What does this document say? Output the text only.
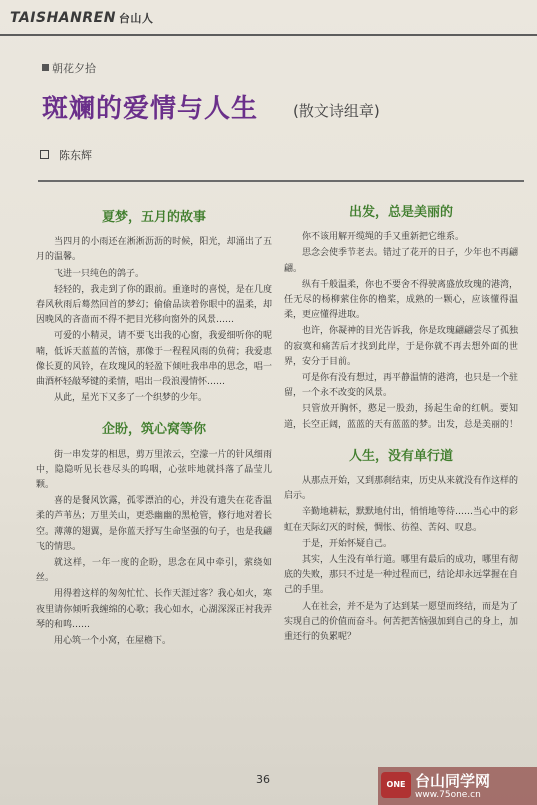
TAISHANREN 台山人
朝花夕拾
斑斓的爱情与人生 (散文诗组章)
陈东辉
夏梦，五月的故事

当四月的小雨还在淅淅沥沥的时候，阳光，却涌出了五月的温馨。

飞进一只纯色的鸽子。

轻轻的，我走到了你的跟前。重逢时的喜悦，是在几度春风秋雨后蓦然回首的梦幻；偷偷品读着你眼中的温柔，却因晚风的吝啬而不得不把目光移向窗外的风景……

可爱的小精灵，请不要飞出我的心窗，我爱细听你的呢喃，低诉天蓝蓝的苦恼，那像于一程程风雨的负荷；我爱恵像长夏的风铃，在玫瑰风的轻盈下倾吐我串串的思念，唱一曲酒杯轻敲琴键的柔情，唱出一段浪漫情怀……

从此，星光下又多了一个织梦的少年。

企盼，筑心窝等你

街一串发芽的相思，剪万里浓云，空濛一片的针风细雨中，隐隐听见长巷尽头的呜咽，心弦咔地就抖落了晶莹儿颗。

喜的是餐风饮露，孤零漂泊的心，并没有遗失在花香温柔的芦苇丛；万里关山，更恐幽幽的黑枪管，修行地对着长空。薄薄的翅翼，是你蓝天抒写生命坚强的句子，也是我翩飞的情思。

就这样，一年一度的企盼，思念在风中牵引，萦绕如丝。

用得着这样的匆匆忙忙、长作天涯过客？我心如火，寒夜里请你倾听我缠绵的心歌；我心如水，心湖深深正衬我弄琴的和鸣……

用心筑一个小窝，在屋檐下。

出发，总是美丽的

你不该用解开缆绳的手又重新把它维系。

思念会使季节老去。错过了花开的日子，少年也不再翩翩。

纵有千般温柔，你也不要舍不得驶离盛放玫瑰的港湾，任无尽的杨柳萦住你的橹桨，成熟的一颗心，应该懂得温柔，更应懂得进取。

也许，你凝神的目光告诉我，你是玫瑰翩翩尝尽了孤独的寂寞和痛苦后才找到此岸，于是你就不再去想外面的世界，安分于目前。

可是你有没有想过，再平静温情的港湾，也只是一个驻留，一个永不改变的风景。

只管放开胸怀，憨足一股劲，扬起生命的红帆。要知道，长空正阔，蓝蓝的天有蓝蓝的梦。出发，总是美丽的！

人生，没有单行道

从那点开始，又到那刹结束，历史从来就没有作这样的启示。

辛勤地耕耘，默默地付出，悄悄地等待……当心中的彩虹在天际幻灭的时候，惆怅、彷徨、苦闷、叹息。

于是，开始怀疑自己。

其实，人生没有单行道。哪里有最后的成功，哪里有彻底的失败，那只不过是一种过程而已，结论却永远掌握在自己的手里。

人在社会，并不是为了达到某一愿望而终结，而是为了实现自己的价值而奋斗。何苦把苦恼强加到自己的身上，加重还行的负累呢？

36	ONE 台山同学网
www.75one.cn
